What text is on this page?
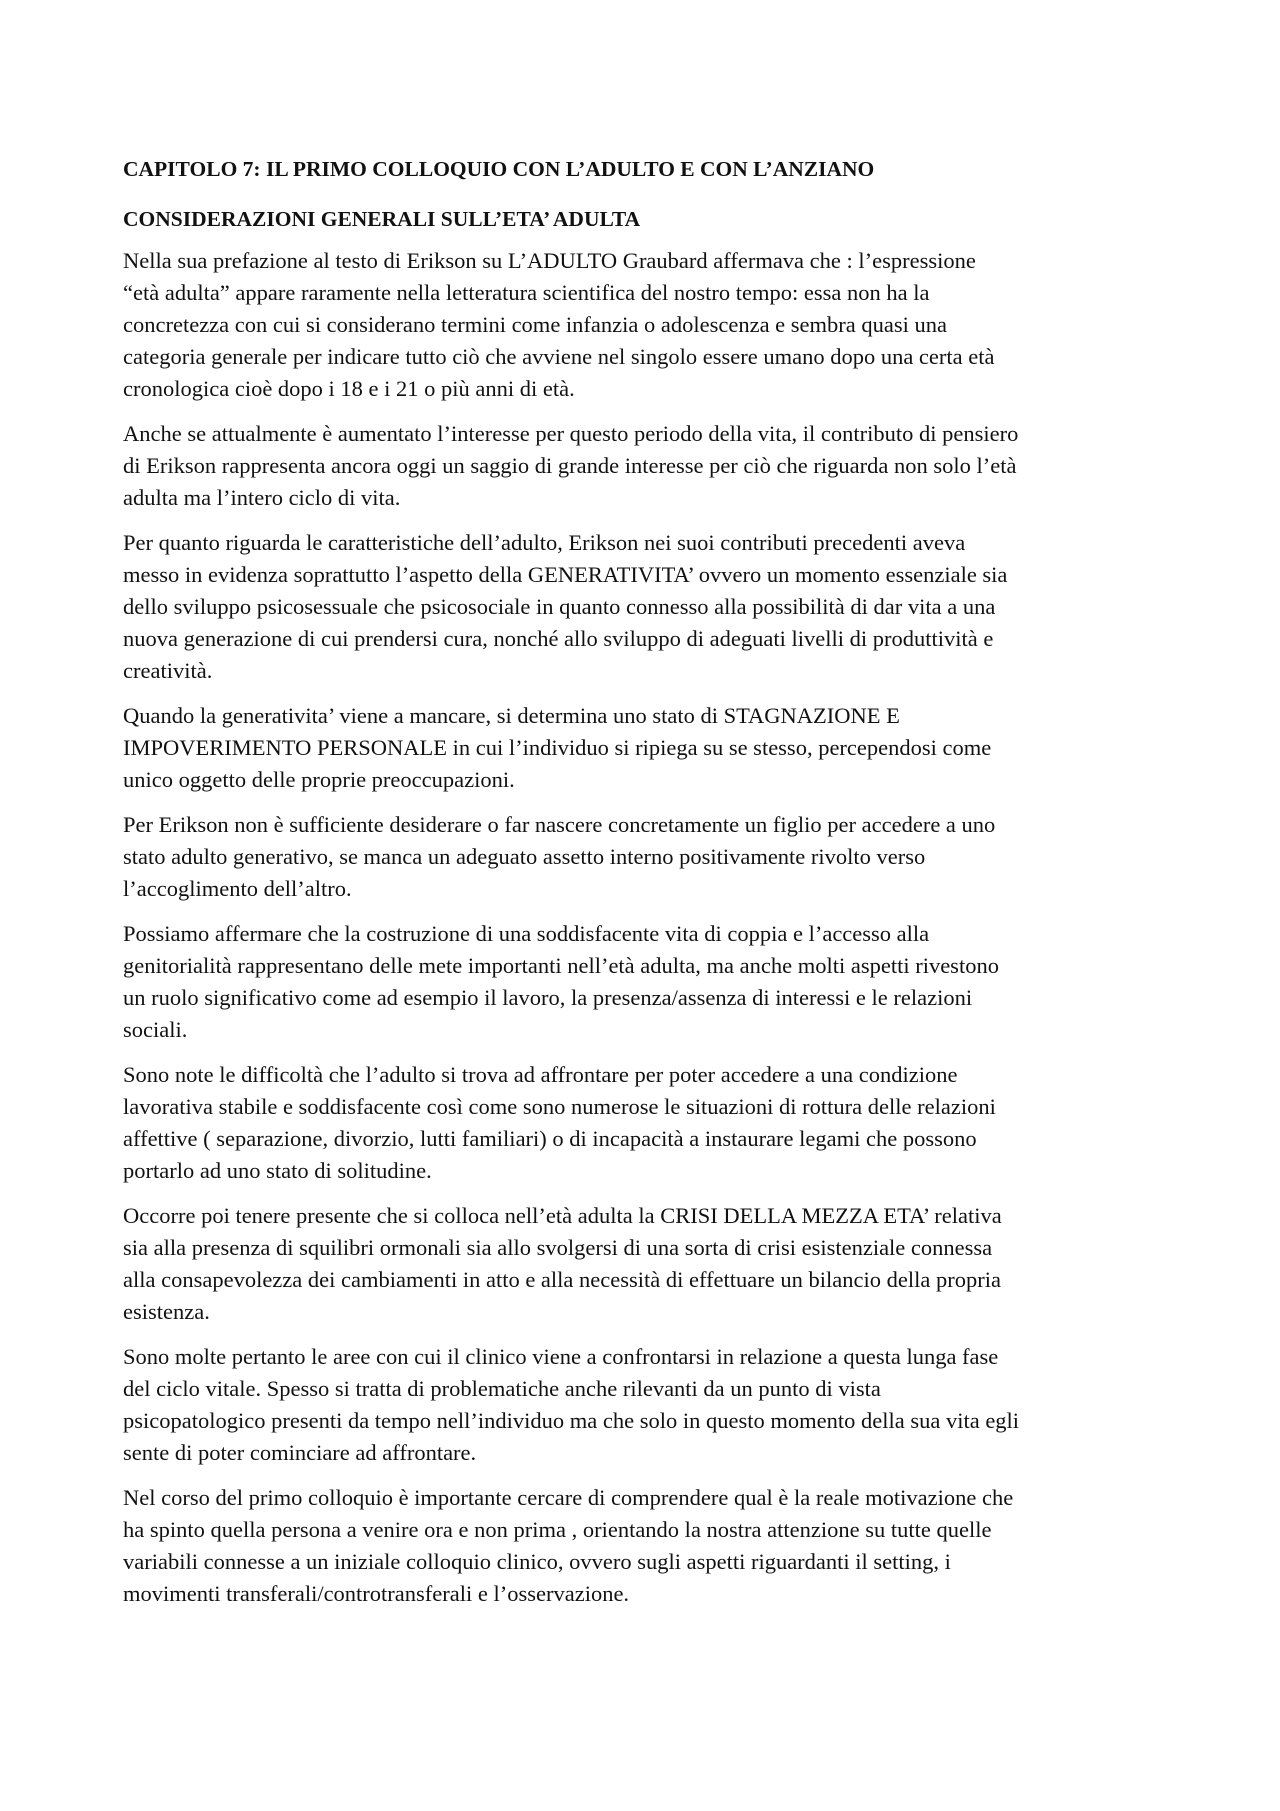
CAPITOLO 7: IL PRIMO COLLOQUIO CON L’ADULTO E CON L’ANZIANO
CONSIDERAZIONI GENERALI SULL’ETA’ ADULTA

Nella sua prefazione al testo di Erikson su L’ADULTO Graubard affermava che : l’espressione
“età adulta” appare raramente nella letteratura scientifica del nostro tempo: essa non ha la
concretezza con cui si considerano termini come infanzia o adolescenza e sembra quasi una
categoria generale per indicare tutto ciò che avviene nel singolo essere umano dopo una certa età
cronologica cioè dopo i 18 e i 21 o più anni di età.

Anche se attualmente è aumentato l’interesse per questo periodo della vita, il contributo di pensiero
di Erikson rappresenta ancora oggi un saggio di grande interesse per ciò che riguarda non solo l’età
adulta ma l’intero ciclo di vita.

Per quanto riguarda le caratteristiche dell’adulto, Erikson nei suoi contributi precedenti aveva
messo in evidenza soprattutto l’aspetto della GENERATIVITA’ ovvero un momento essenziale sia
dello sviluppo psicosessuale che psicosociale in quanto connesso alla possibilità di dar vita a una
nuova generazione di cui prendersi cura, nonché allo sviluppo di adeguati livelli di produttività e
creatività.

Quando la generativita’ viene a mancare, si determina uno stato di STAGNAZIONE E
IMPOVERIMENTO PERSONALE in cui l’individuo si ripiega su se stesso, percependosi come
unico oggetto delle proprie preoccupazioni.

Per Erikson non è sufficiente desiderare o far nascere concretamente un figlio per accedere a uno
stato adulto generativo, se manca un adeguato assetto interno positivamente rivolto verso
l’accoglimento dell’altro.

Possiamo affermare che la costruzione di una soddisfacente vita di coppia e l’accesso alla
genitorialità rappresentano delle mete importanti nell’età adulta, ma anche molti aspetti rivestono
un ruolo significativo come ad esempio il lavoro, la presenza/assenza di interessi e le relazioni
sociali.

Sono note le difficoltà che l’adulto si trova ad affrontare per poter accedere a una condizione
lavorativa stabile e soddisfacente così come sono numerose le situazioni di rottura delle relazioni
affettive ( separazione, divorzio, lutti familiari) o di incapacità a instaurare legami che possono
portarlo ad uno stato di solitudine.

Occorre poi tenere presente che si colloca nell’età adulta la CRISI DELLA MEZZA ETA’ relativa
sia alla presenza di squilibri ormonali sia allo svolgersi di una sorta di crisi esistenziale connessa
alla consapevolezza dei cambiamenti in atto e alla necessità di effettuare un bilancio della propria
esistenza.

Sono molte pertanto le aree con cui il clinico viene a confrontarsi in relazione a questa lunga fase
del ciclo vitale. Spesso si tratta di problematiche anche rilevanti da un punto di vista
psicopatologico presenti da tempo nell’individuo ma che solo in questo momento della sua vita egli
sente di poter cominciare ad affrontare.

Nel corso del primo colloquio è importante cercare di comprendere qual è la reale motivazione che
ha spinto quella persona a venire ora e non prima , orientando la nostra attenzione su tutte quelle
variabili connesse a un iniziale colloquio clinico, ovvero sugli aspetti riguardanti il setting, i
movimenti transferali/controtransferali e l’osservazione.
